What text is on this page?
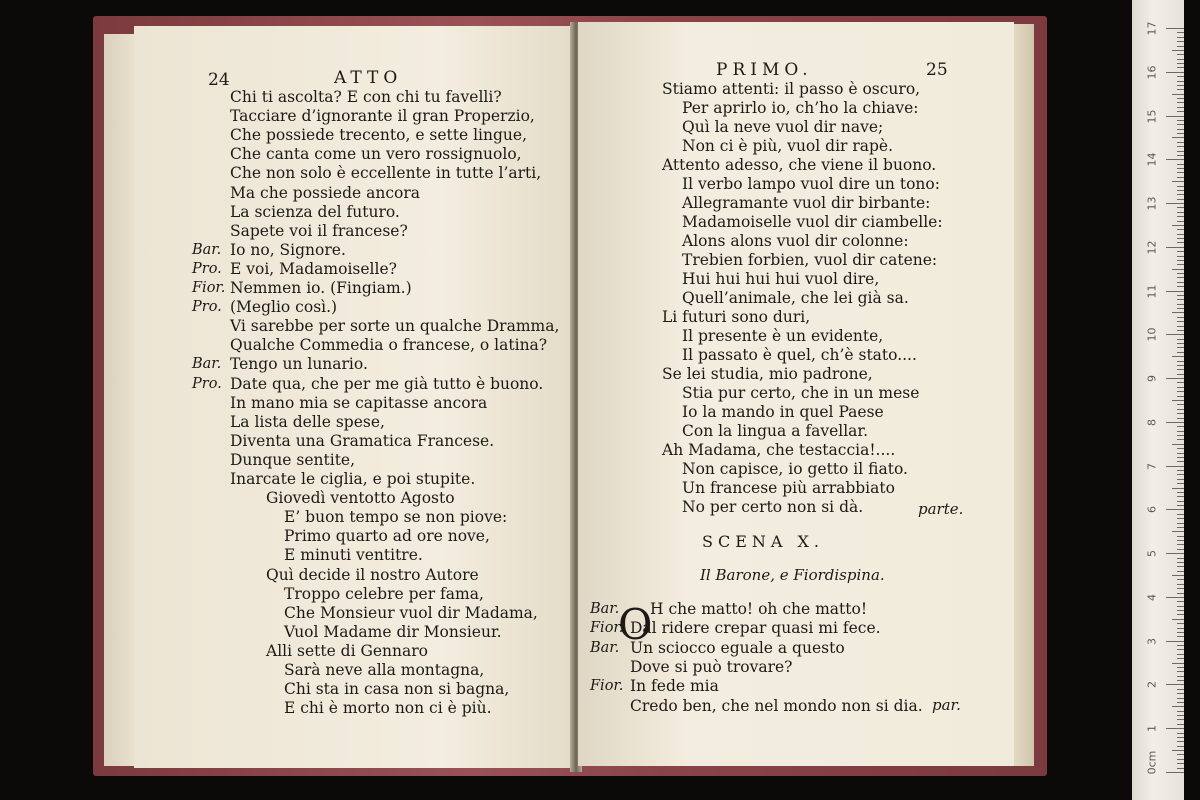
24	ATTO
Chi ti ascolta? E con chi tu favelli?
Tacciare d’ignorante il gran Properzio,
Che possiede trecento, e sette lingue,
Che canta come un vero rossignuolo,
Che non solo è eccellente in tutte l’arti,
Ma che possiede ancora
La scienza del futuro.
Sapete voi il francese?
Bar. Io no, Signore.
Pro. E voi, Madamoiselle?
Fior. Nemmen io. (Fingiam.)
Pro. (Meglio così.)
Vi sarebbe per sorte un qualche Dramma,
Qualche Commedia o francese, o latina?
Bar. Tengo un lunario.
Pro. Date qua, che per me già tutto è buono.
In mano mia se capitasse ancora
La lista delle spese,
Diventa una Gramatica Francese.
Dunque sentite,
Inarcate le ciglia, e poi stupite.
Giovedì ventotto Agosto
E’ buon tempo se non piove:
Primo quarto ad ore nove,
E minuti ventitre.
Quì decide il nostro Autore
Troppo celebre per fama,
Che Monsieur vuol dir Madama,
Vuol Madame dir Monsieur.
Alli sette di Gennaro
Sarà neve alla montagna,
Chi sta in casa non si bagna,
E chi è morto non ci è più.
PRIMO.	25
Stiamo attenti: il passo è oscuro,
Per aprirlo io, ch’ho la chiave:
Quì la neve vuol dir nave;
Non ci è più, vuol dir rapè.
Attento adesso, che viene il buono.
Il verbo lampo vuol dire un tono:
Allegramante vuol dir birbante:
Madamoiselle vuol dir ciambelle:
Alons alons vuol dir colonne:
Trebien forbien, vuol dir catene:
Hui hui hui hui vuol dire,
Quell’animale, che lei già sa.
Li futuri sono duri,
Il presente è un evidente,
Il passato è quel, ch’è stato....
Se lei studia, mio padrone,
Stia pur certo, che in un mese
Io la mando in quel Paese
Con la lingua a favellar.
Ah Madama, che testaccia!....
Non capisce, io getto il fiato.
Un francese più arrabbiato
No per certo non si dà.	parte.
SCENA X.
Il Barone, e Fiordispina.
O
Bar. H che matto! oh che matto!
Fior. Dal ridere crepar quasi mi fece.
Bar. Un sciocco eguale a questo
Dove si può trovare?
Fior. In fede mia
Credo ben, che nel mondo non si dia. par.
17
16
15
14
13
12
11
10
9
8
7
6
5
4
3
2
1
0cm
